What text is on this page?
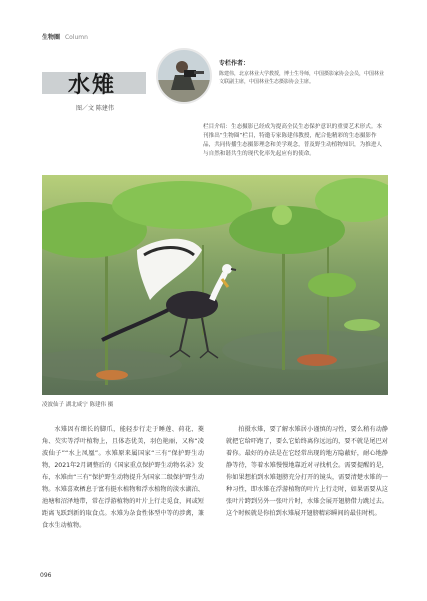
生物圈 Column
水雉
图／文 陈建伟
专栏作者：
陈建伟，北京林业大学教授，博士生导师，中国摄影家协会会员，中国林业文联副主席，中国林业生态摄影协会主席。
栏目介绍：生态摄影已经成为提高全民生态保护意识的重要艺术形式。本刊推出“生物圈”栏目，特邀专家陈建伟教授，配合他精彩的生态摄影作品，共同传播生态摄影理念和美学观念，普及野生动植物知识，为推进人与自然和谐共生的现代化率先起应有的使命。
凌波仙子 湖北咸宁 陈建伟 摄
水雉因有细长的脚爪，能轻步行走于睡莲、荷花、菱角、芡实等浮叶植物上，且体态优美，羽色艳丽，又称“凌波仙子”“水上凤凰”。水雉原来属国家“三有”保护野生动物，2021年2月调整后的《国家重点保护野生动物名录》发布，水雉由“三有”保护野生动物提升为国家二级保护野生动物。水雉喜欢栖息于富有挺水植物和浮水植物的淡水湖泊、池塘和沼泽地带，常在浮游植物的叶片上行走觅食，间或短距离飞跃到新的取食点。水雉为杂食性体型中等的涉禽，兼食水生动植物。
拍摄水雉，要了解水雉居小谨慎的习性，要么稍有动静就把它给吓跑了，要么它始终离你远远的，要不就是尾巴对着你。最好的办法是在它经常出现的地方隐蔽好，耐心地静静等待，等着水雉慢慢地靠近对寻找机会。需要提醒的是，你如果想拍到水雉翅膀充分打开的镜头，需要清楚水雉的一种习性，即水雉在浮游植物的叶片上行走时，如果需要从这张叶片跨到另外一张叶片时，水雉会展开翅膀借力跳过去。这个时候就是你拍到水雉展开翅膀精彩瞬间的最佳时机。
096
